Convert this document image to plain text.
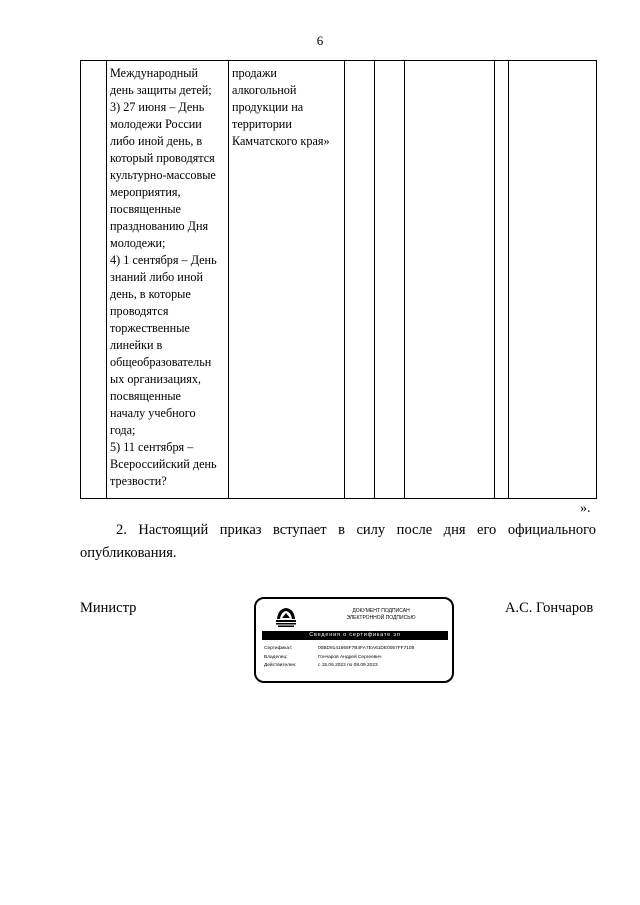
6
	Международный
день защиты детей;
3) 27 июня – День
молодежи России
либо иной день, в
который проводятся
культурно-массовые
мероприятия,
посвященные
празднованию Дня
молодежи;
4) 1 сентября – День
знаний либо иной
день, в которые
проводятся
торжественные
линейки в
общеобразовательн
ых организациях,
посвященные
началу учебного
года;
5) 11 сентября –
Всероссийский день
трезвости?	продажи
алкогольной
продукции на
территории
Камчатского края»					
».
2. Настоящий приказ вступает в силу после дня его официального опубликования.
Министр	А.С. Гончаров
ДОКУМЕНТ ПОДПИСАН
ЭЛЕКТРОННОЙ ПОДПИСЬЮ
Сведения о сертификате эп
Сертификат:	00BD9141565F7B4FA7EA61DE0057FF7108
Владелец:	Гончаров Андрей Сергеевич
Действителен:	с 15.06.2022 по 08.09.2023
